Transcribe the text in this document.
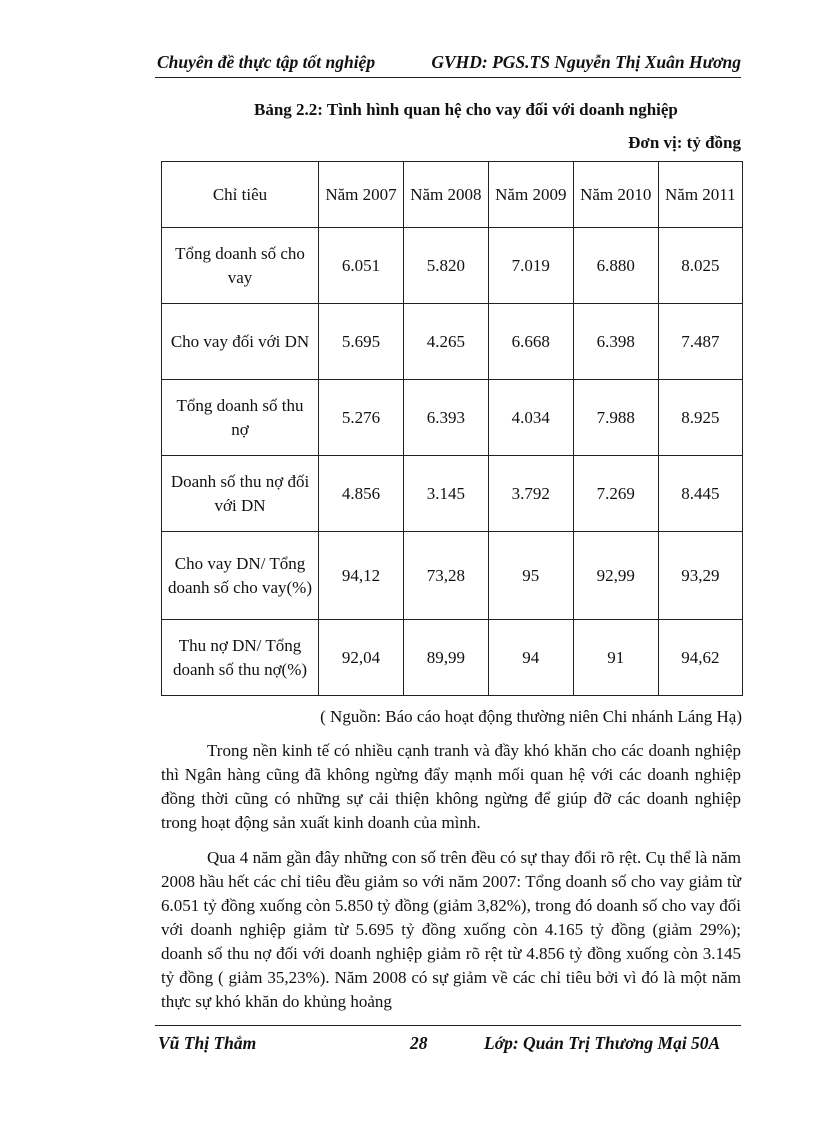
Chuyên đề thực tập tốt nghiệp	GVHD: PGS.TS Nguyễn Thị Xuân Hương
Bảng 2.2: Tình hình quan hệ cho vay đối với doanh nghiệp
Đơn vị: tỷ đồng
Chỉ tiêu	Năm 2007	Năm 2008	Năm 2009	Năm 2010	Năm 2011
Tổng doanh số cho vay	6.051	5.820	7.019	6.880	8.025
Cho vay đối với DN	5.695	4.265	6.668	6.398	7.487
Tổng doanh số thu nợ	5.276	6.393	4.034	7.988	8.925
Doanh số thu nợ đối với DN	4.856	3.145	3.792	7.269	8.445
Cho vay DN/ Tổng doanh số cho vay(%)	94,12	73,28	95	92,99	93,29
Thu nợ DN/ Tổng doanh số thu nợ(%)	92,04	89,99	94	91	94,62
( Nguồn: Báo cáo hoạt động thường niên Chi nhánh Láng Hạ)

Trong nền kinh tế có nhiều cạnh tranh và đầy khó khăn cho các doanh nghiệp thì Ngân hàng cũng đã không ngừng đẩy mạnh mối quan hệ với các doanh nghiệp đồng thời cũng có những sự cải thiện không ngừng để giúp đỡ các doanh nghiệp trong hoạt động sản xuất kinh doanh của mình.

Qua 4 năm gần đây những con số trên đều có sự thay đổi rõ rệt. Cụ thể là năm 2008 hầu hết các chỉ tiêu đều giảm so với năm 2007: Tổng doanh số cho vay giảm từ 6.051 tỷ đồng xuống còn 5.850 tỷ đồng (giảm 3,82%), trong đó doanh số cho vay đối với doanh nghiệp giảm từ 5.695 tỷ đồng xuống còn 4.165 tỷ đồng (giảm 29%); doanh số thu nợ đối với doanh nghiệp giảm rõ rệt từ 4.856 tỷ đồng xuống còn 3.145 tỷ đồng ( giảm 35,23%). Năm 2008 có sự giảm về các chỉ tiêu bởi vì đó là một năm thực sự khó khăn do khủng hoảng

Vũ Thị Thắm	28	Lớp: Quản Trị Thương Mại 50A
